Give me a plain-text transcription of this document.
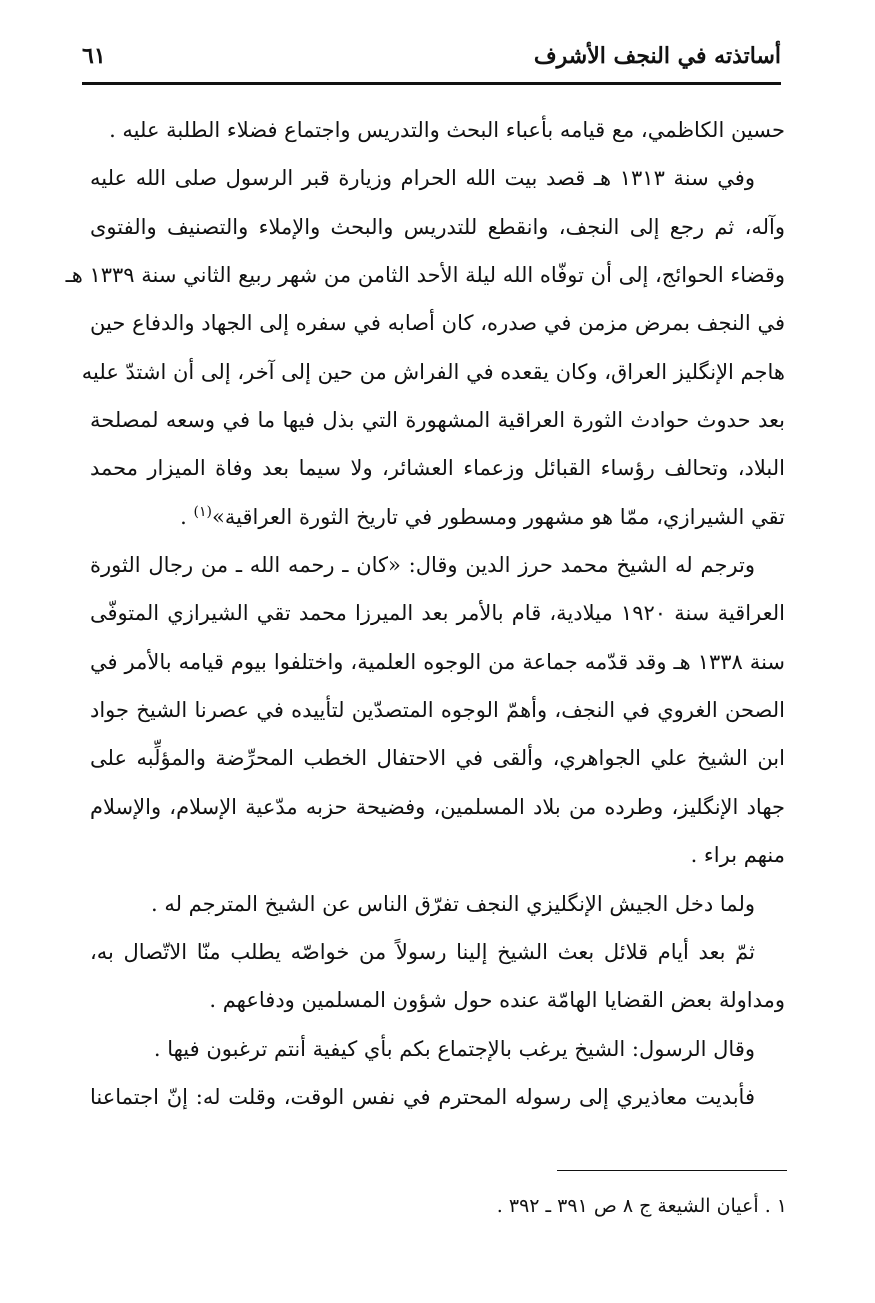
أساتذته في النجف الأشرف
٦١
حسين الكاظمي، مع قيامه بأعباء البحث والتدريس واجتماع فضلاء الطلبة عليه .
وفي سنة ١٣١٣ هـ قصد بيت الله الحرام وزيارة قبر الرسول صلى الله عليه
وآله، ثم رجع إلى النجف، وانقطع للتدريس والبحث والإملاء والتصنيف والفتوى
وقضاء الحوائج، إلى أن توفّاه الله ليلة الأحد الثامن من شهر ربيع الثاني سنة ١٣٣٩ هـ
في النجف بمرض مزمن في صدره، كان أصابه في سفره إلى الجهاد والدفاع حين
هاجم الإنگليز العراق، وكان يقعده في الفراش من حين إلى آخر، إلى أن اشتدّ عليه
بعد حدوث حوادث الثورة العراقية المشهورة التي بذل فيها ما في وسعه لمصلحة
البلاد، وتحالف رؤساء القبائل وزعماء العشائر، ولا سيما بعد وفاة الميزار محمد
تقي الشيرازي، ممّا هو مشهور ومسطور في تاريخ الثورة العراقية»$^{(١)}$ .
وترجم له الشيخ محمد حرز الدين وقال: «كان ـ رحمه الله ـ من رجال الثورة
العراقية سنة ١٩٢٠ ميلادية، قام بالأمر بعد الميرزا محمد تقي الشيرازي المتوفّى
سنة ١٣٣٨ هـ وقد قدّمه جماعة من الوجوه العلمية، واختلفوا بيوم قيامه بالأمر في
الصحن الغروي في النجف، وأهمّ الوجوه المتصدّين لتأييده في عصرنا الشيخ جواد
ابن الشيخ علي الجواهري، وألقى في الاحتفال الخطب المحرِّضة والمؤلِّبه على
جهاد الإنگليز، وطرده من بلاد المسلمين، وفضيحة حزبه مدّعية الإسلام، والإسلام
منهم براء .
ولما دخل الجيش الإنگليزي النجف تفرّق الناس عن الشيخ المترجم له .
ثمّ بعد أيام قلائل بعث الشيخ إلينا رسولاً من خواصّه يطلب منّا الاتّصال به،
ومداولة بعض القضايا الهامّة عنده حول شؤون المسلمين ودفاعهم .
وقال الرسول: الشيخ يرغب بالإجتماع بكم بأي كيفية أنتم ترغبون فيها .
فأبديت معاذيري إلى رسوله المحترم في نفس الوقت، وقلت له: إنّ اجتماعنا
١ . أعيان الشيعة ج ٨ ص ٣٩١ ـ ٣٩٢ .
